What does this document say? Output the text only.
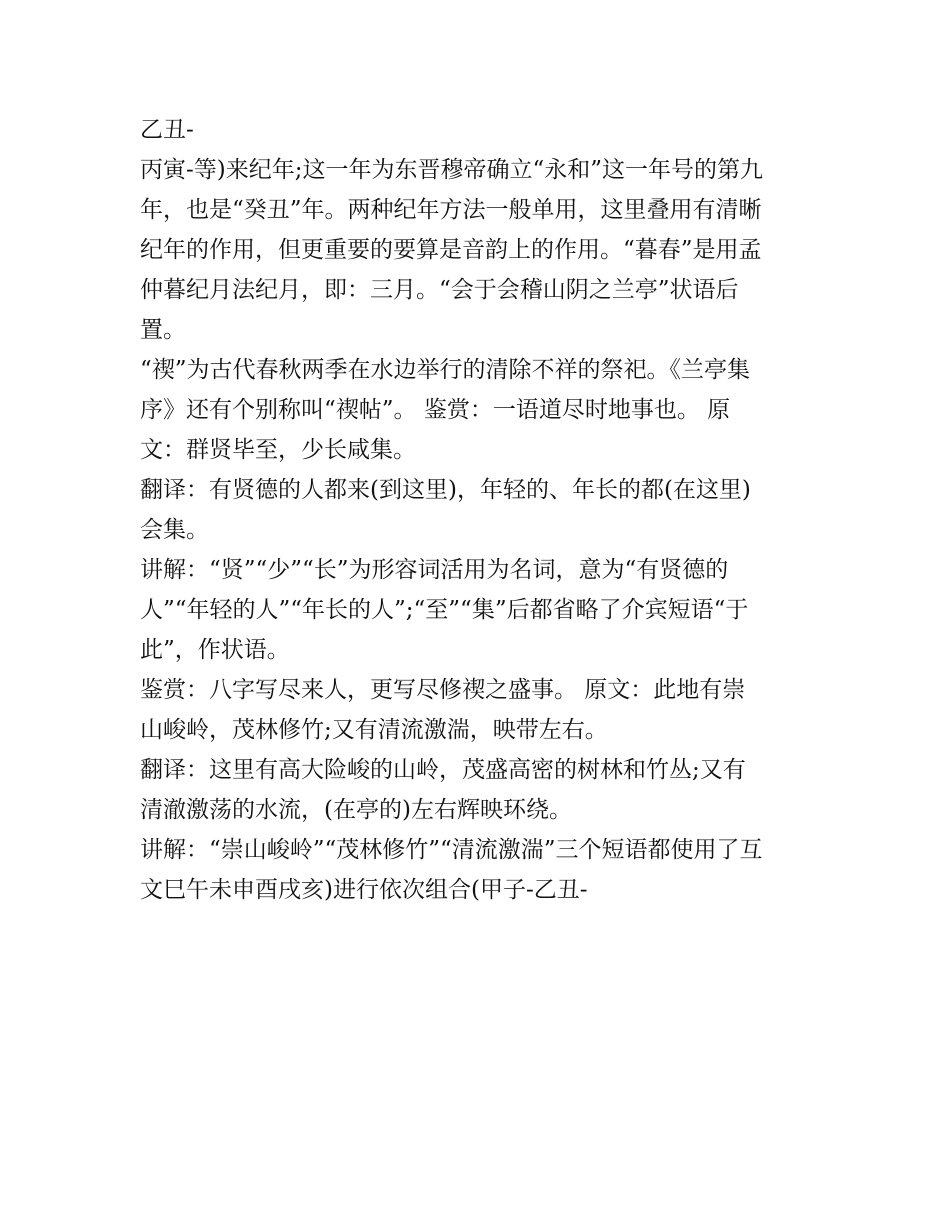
乙丑-

丙寅-等)来纪年;这一年为东晋穆帝确立“永和”这一年号的第九

年，也是“癸丑”年。两种纪年方法一般单用，这里叠用有清晰

纪年的作用，但更重要的要算是音韵上的作用。“暮春”是用孟

仲暮纪月法纪月，即：三月。“会于会稽山阴之兰亭”状语后

置。

“禊”为古代春秋两季在水边举行的清除不祥的祭祀。《兰亭集

序》还有个别称叫“禊帖”。 鉴赏：一语道尽时地事也。 原

文：群贤毕至，少长咸集。

翻译：有贤德的人都来(到这里)，年轻的、年长的都(在这里)

会集。

讲解：“贤”“少”“长”为形容词活用为名词，意为“有贤德的

人”“年轻的人”“年长的人”;“至”“集”后都省略了介宾短语“于

此”，作状语。

鉴赏：八字写尽来人，更写尽修禊之盛事。 原文：此地有崇

山峻岭，茂林修竹;又有清流激湍，映带左右。

翻译：这里有高大险峻的山岭，茂盛高密的树林和竹丛;又有

清澈激荡的水流，(在亭的)左右辉映环绕。

讲解：“崇山峻岭”“茂林修竹”“清流激湍”三个短语都使用了互

文巳午未申酉戌亥)进行依次组合(甲子-乙丑-
